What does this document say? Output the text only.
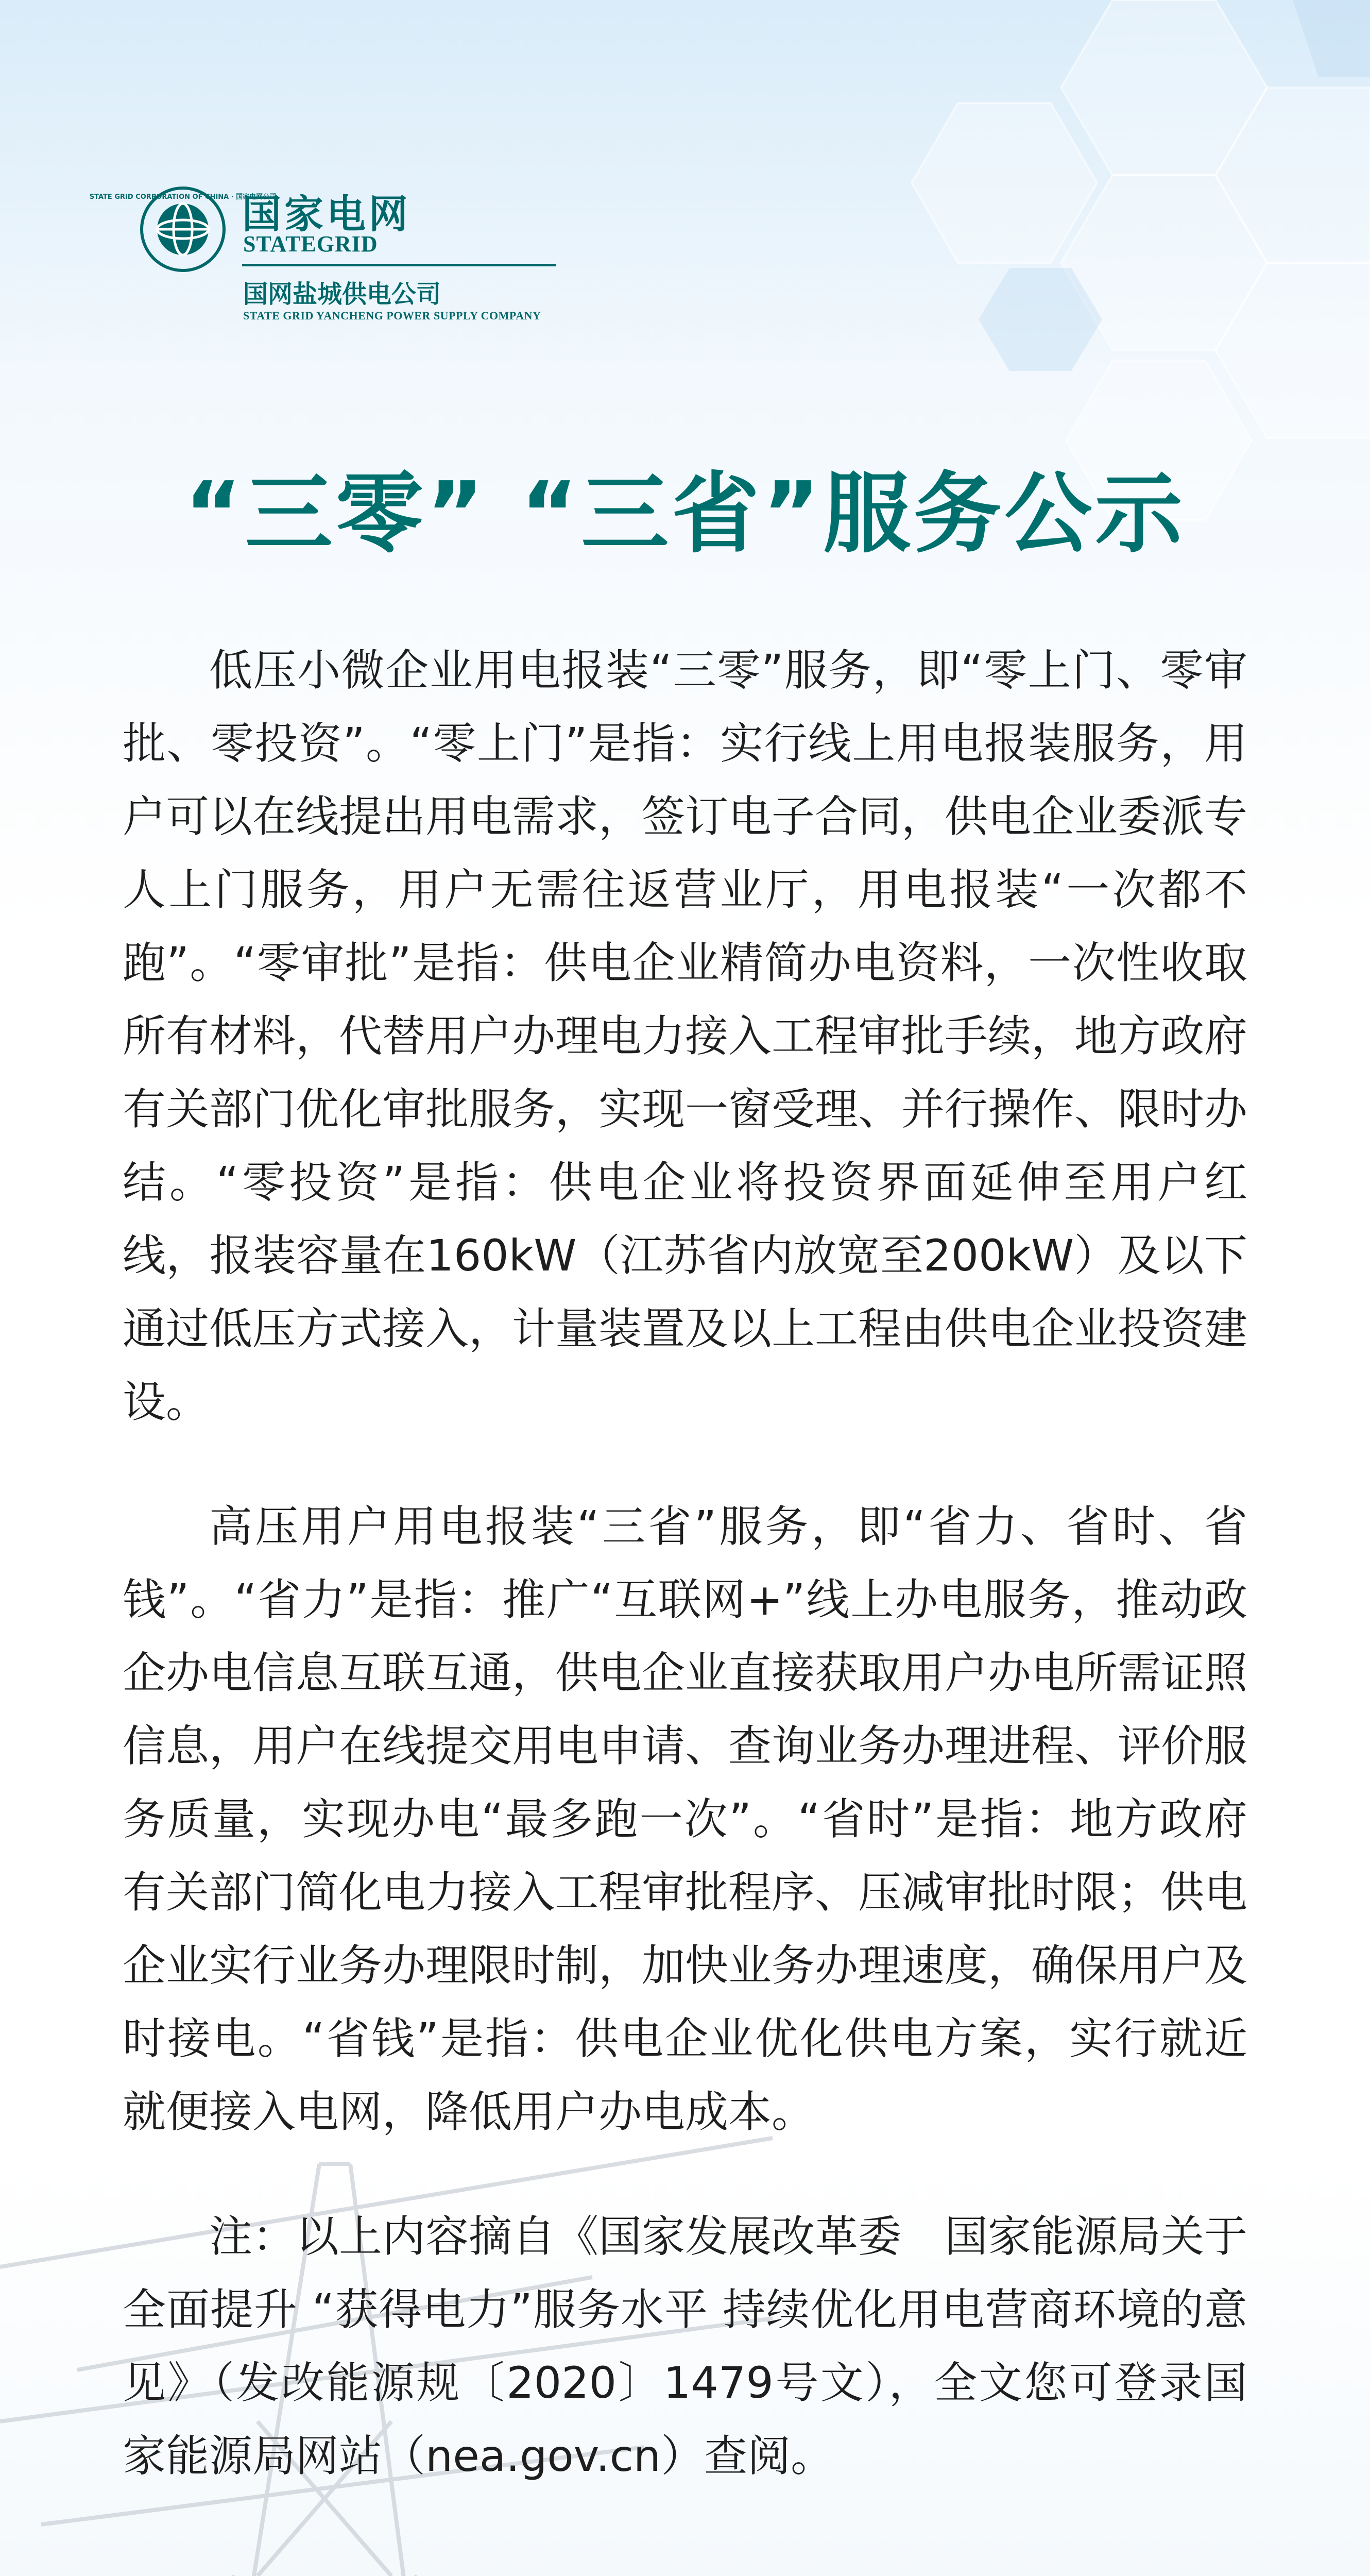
STATE GRID CORPORATION OF CHINA · 国家电网公司
国家电网
STATEGRID
国网盐城供电公司
STATE GRID YANCHENG POWER SUPPLY COMPANY
“三零” “三省”服务公示

低压小微企业用电报装“三零”服务，即“零上门、零审批、零投资”。“零上门”是指：实行线上用电报装服务，用户可以在线提出用电需求，签订电子合同，供电企业委派专人上门服务，用户无需往返营业厅，用电报装“一次都不跑”。“零审批”是指：供电企业精简办电资料，一次性收取所有材料，代替用户办理电力接入工程审批手续，地方政府有关部门优化审批服务，实现一窗受理、并行操作、限时办结。“零投资”是指：供电企业将投资界面延伸至用户红线，报装容量在160kW（江苏省内放宽至200kW）及以下通过低压方式接入，计量装置及以上工程由供电企业投资建设。

高压用户用电报装“三省”服务，即“省力、省时、省钱”。“省力”是指：推广“互联网+”线上办电服务，推动政企办电信息互联互通，供电企业直接获取用户办电所需证照信息，用户在线提交用电申请、查询业务办理进程、评价服务质量，实现办电“最多跑一次”。“省时”是指：地方政府有关部门简化电力接入工程审批程序、压减审批时限；供电企业实行业务办理限时制，加快业务办理速度，确保用户及时接电。“省钱”是指：供电企业优化供电方案，实行就近就便接入电网，降低用户办电成本。

注：以上内容摘自《国家发展改革委　国家能源局关于全面提升 “获得电力”服务水平 持续优化用电营商环境的意见》（发改能源规〔2020〕1479号文），全文您可登录国家能源局网站（nea.gov.cn）查阅。
